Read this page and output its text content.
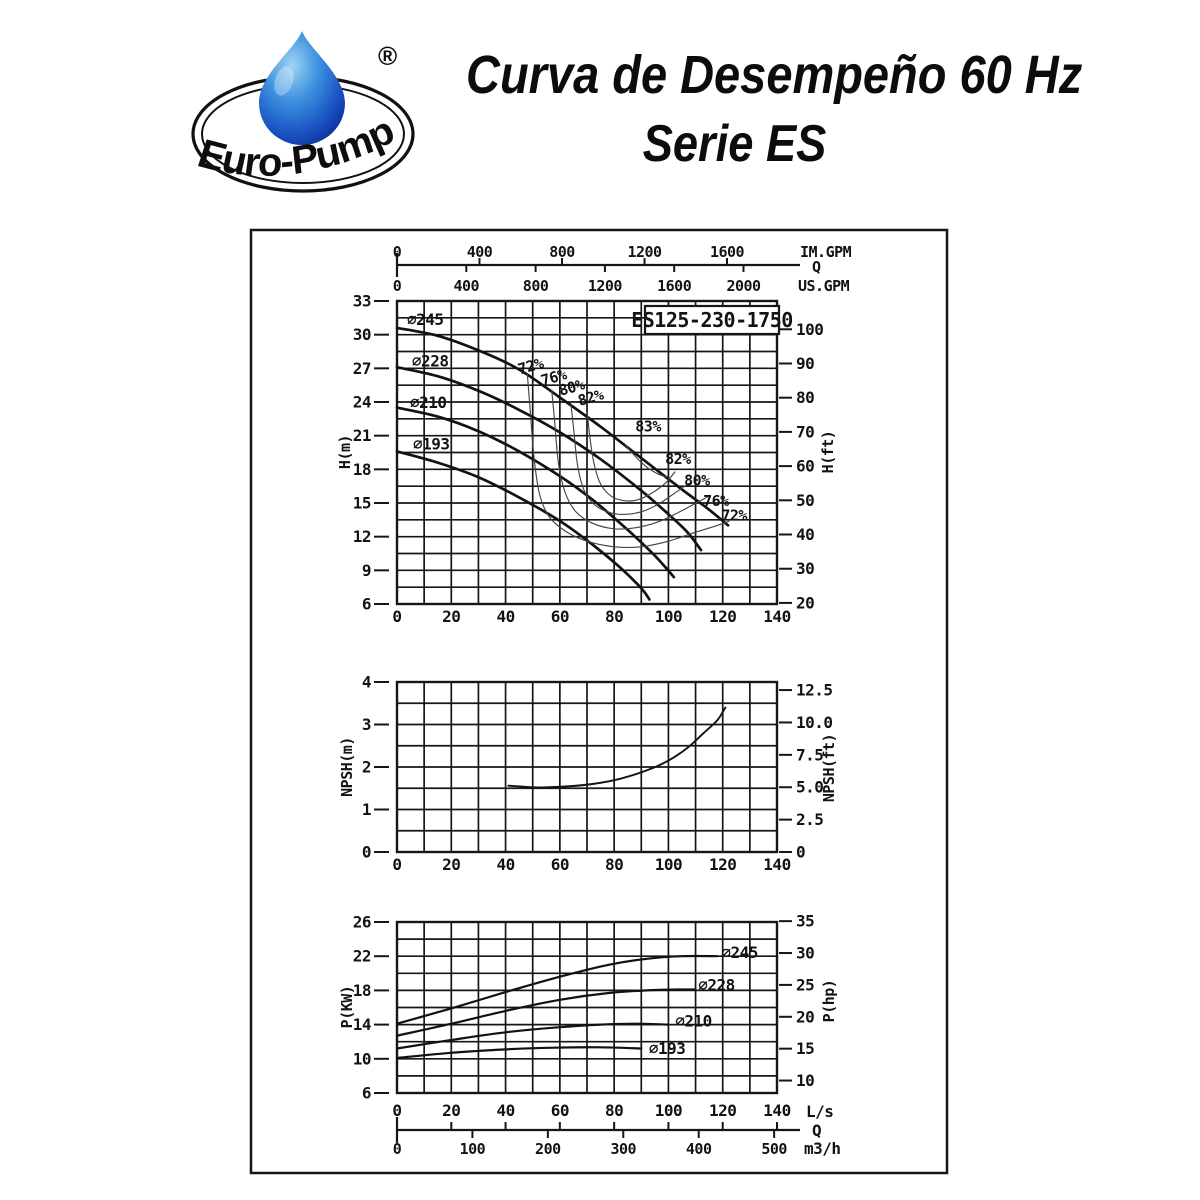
®
Euro-Pump
Curva de Desempeño 60 Hz
Serie ES
33
30
27
24
21
18
15
12
9
6
100
90
80
70
60
50
40
30
20
0	20 40 60 80 100 120 140
∅245
∅228
∅210
∅193
72%
72%
76%
76%
80%
80%
82%
82%
83%
4
3
2
1
0
12.5
10.0
7.5
5.0
2.5
0
0	20 40 60 80 100 120 140
26
22
18
14
10
6
35
30
25
20
15
10
0	20 40 60 80 100 120 140
∅245
∅228
∅210
∅193
0	400	800	1200	1600
0	400	800	1200 1600 2000
0	100	200	300	400	500
IM.GPM
Q
US.GPM
ES125-230-1750
H(m)	H(ft)
NPSH(m)	NPSH(ft)
P(KW)	P(hp)
L/s
Q
m3/h
